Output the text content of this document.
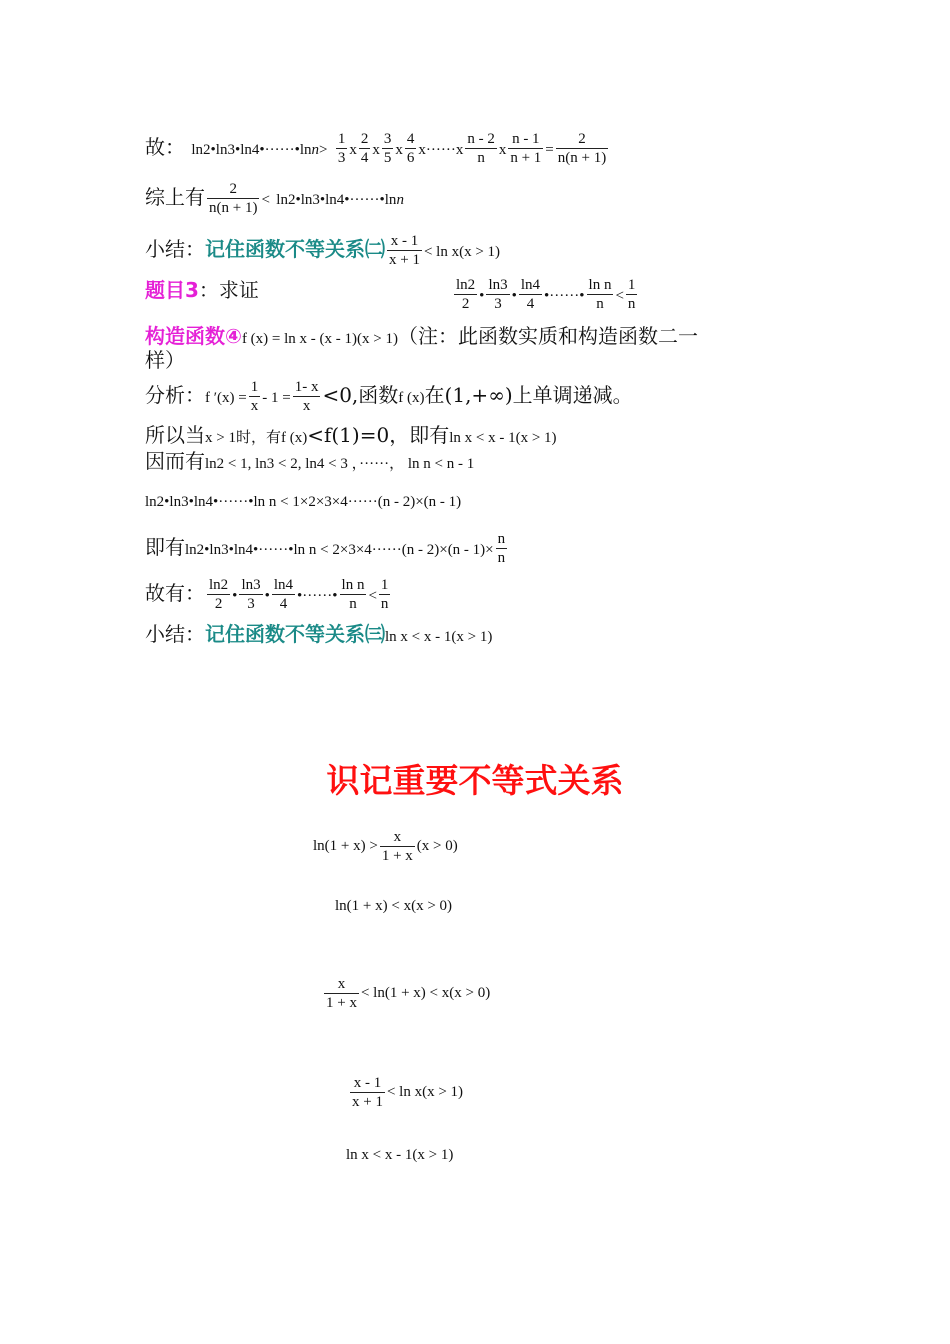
故： ln2•ln3•ln4•······•lnn> $\frac{1}{3}$ x $\frac{2}{4}$ x $\frac{3}{5}$ x $\frac{4}{6} x\cdot\cdot\cdot\cdot\cdot\cdot x \frac{n - 2}{n}$ x $\frac{n - 1}{n + 1} = \frac{2}{n(n + 1)}$
综上有 $\frac{2}{n(n + 1)}$ < ln2•ln3•ln4•······•lnn
小结：记住函数不等关系㈡ $\frac{x - 1}{x + 1} < \ln x(x > 1)$
题目3：求证	$\frac{\ln 2}{2}$ • $\frac{\ln 3}{3}$ • $\frac{\ln 4}{4}$ •······• $\frac{\text{ln n}}{n} < \frac{1}{n}$
构造函数④f (x) = ln x - (x - 1)(x > 1)（注：此函数实质和构造函数二一
样）
分析：f $'(x) = \frac{1}{x} - 1 = \frac{1- x}{x} <0$,函数f (x)在(1,+∞)上单调递减。
所以当x > 1时，有f (x)<f(1)=0，即有ln x < x - 1(x > 1)
因而有ln2 < 1, ln3 < 2, ln4 < 3 ，······， ln n < n - 1
ln2•ln3•ln4•······•ln n < 1×2×3×4······(n - 2)×(n - 1)
即有ln2•ln3•ln4•······•ln $n < 2\times 3\times 4\cdot\cdot\cdot\cdot\cdot\cdot(n - 2)\times(n - 1)\times \frac{n}{n}$
故有： $\frac{\ln 2}{2}$ • $\frac{\ln 3}{3}$ • $\frac{\ln 4}{4}$ •······• $\frac{\text{ln n}}{n} < \frac{1}{n}$
小结：记住函数不等关系㈢ln x < x - 1(x > 1)
识记重要不等式关系
$\ln(1 + x) > \frac{x}{1 + x} (x > 0)$
ln(1 + x) < x(x > 0)
$\frac{x}{1 + x} < \ln(1 + x) < x(x > 0)$
$\frac{x - 1}{x + 1} < \ln x(x > 1)$
ln x < x - 1(x > 1)
